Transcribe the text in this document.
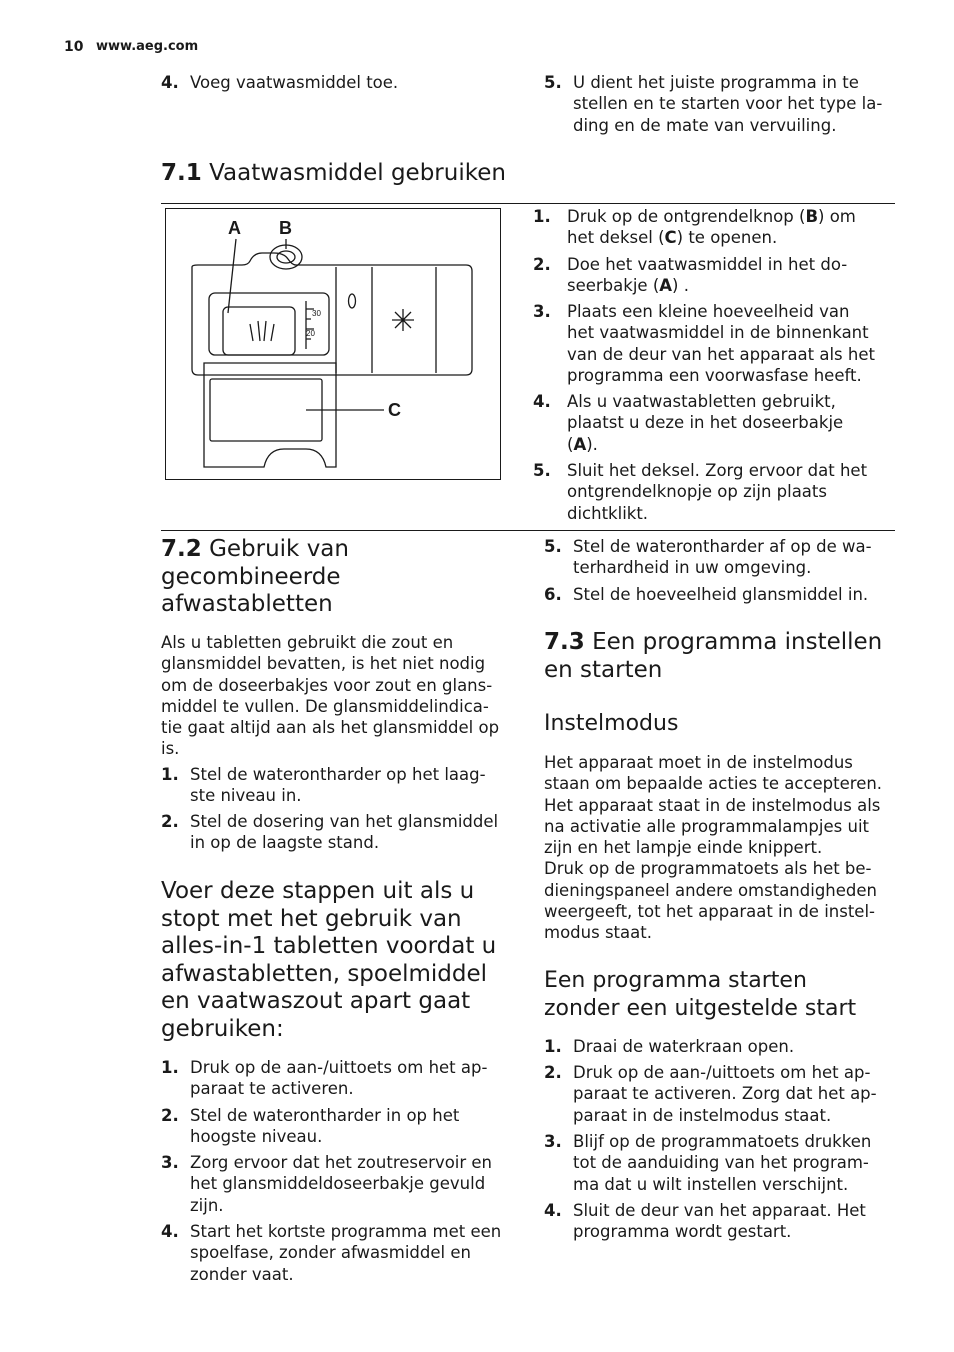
10 www.aeg.com
4. Voeg vaatwasmiddel toe.	5. U dient het juiste programma in te
stellen en te starten voor het type la-
ding en de mate van vervuiling.
7.1 Vaatwasmiddel gebruiken
A B
C
30
20
1. Druk op de ontgrendelknop (B) om
het deksel (C) te openen.
2. Doe het vaatwasmiddel in het do-
seerbakje (A) .
3. Plaats een kleine hoeveelheid van
het vaatwasmiddel in de binnenkant
van de deur van het apparaat als het
programma een voorwasfase heeft.
4. Als u vaatwastabletten gebruikt,
plaatst u deze in het doseerbakje
(A).
5. Sluit het deksel. Zorg ervoor dat het
ontgrendelknopje op zijn plaats
dichtklikt.
7.2 Gebruik van
gecombineerde
afwastabletten
Als u tabletten gebruikt die zout en
glansmiddel bevatten, is het niet nodig
om de doseerbakjes voor zout en glans-
middel te vullen. De glansmiddelindica-
tie gaat altijd aan als het glansmiddel op
is.
1. Stel de waterontharder op het laag-
ste niveau in.
2. Stel de dosering van het glansmiddel
in op de laagste stand.
Voer deze stappen uit als u
stopt met het gebruik van
alles-in-1 tabletten voordat u
afwastabletten, spoelmiddel
en vaatwaszout apart gaat
gebruiken:
1. Druk op de aan-/uittoets om het ap-
paraat te activeren.
2. Stel de waterontharder in op het
hoogste niveau.
3. Zorg ervoor dat het zoutreservoir en
het glansmiddeldoseerbakje gevuld
zijn.
4. Start het kortste programma met een
spoelfase, zonder afwasmiddel en
zonder vaat.
5. Stel de waterontharder af op de wa-
terhardheid in uw omgeving.
6. Stel de hoeveelheid glansmiddel in.
7.3 Een programma instellen
en starten
Instelmodus
Het apparaat moet in de instelmodus
staan om bepaalde acties te accepteren.
Het apparaat staat in de instelmodus als
na activatie alle programmalampjes uit
zijn en het lampje einde knippert.
Druk op de programmatoets als het be-
dieningspaneel andere omstandigheden
weergeeft, tot het apparaat in de instel-
modus staat.
Een programma starten
zonder een uitgestelde start
1. Draai de waterkraan open.
2. Druk op de aan-/uittoets om het ap-
paraat te activeren. Zorg dat het ap-
paraat in de instelmodus staat.
3. Blijf op de programmatoets drukken
tot de aanduiding van het program-
ma dat u wilt instellen verschijnt.
4. Sluit de deur van het apparaat. Het
programma wordt gestart.
